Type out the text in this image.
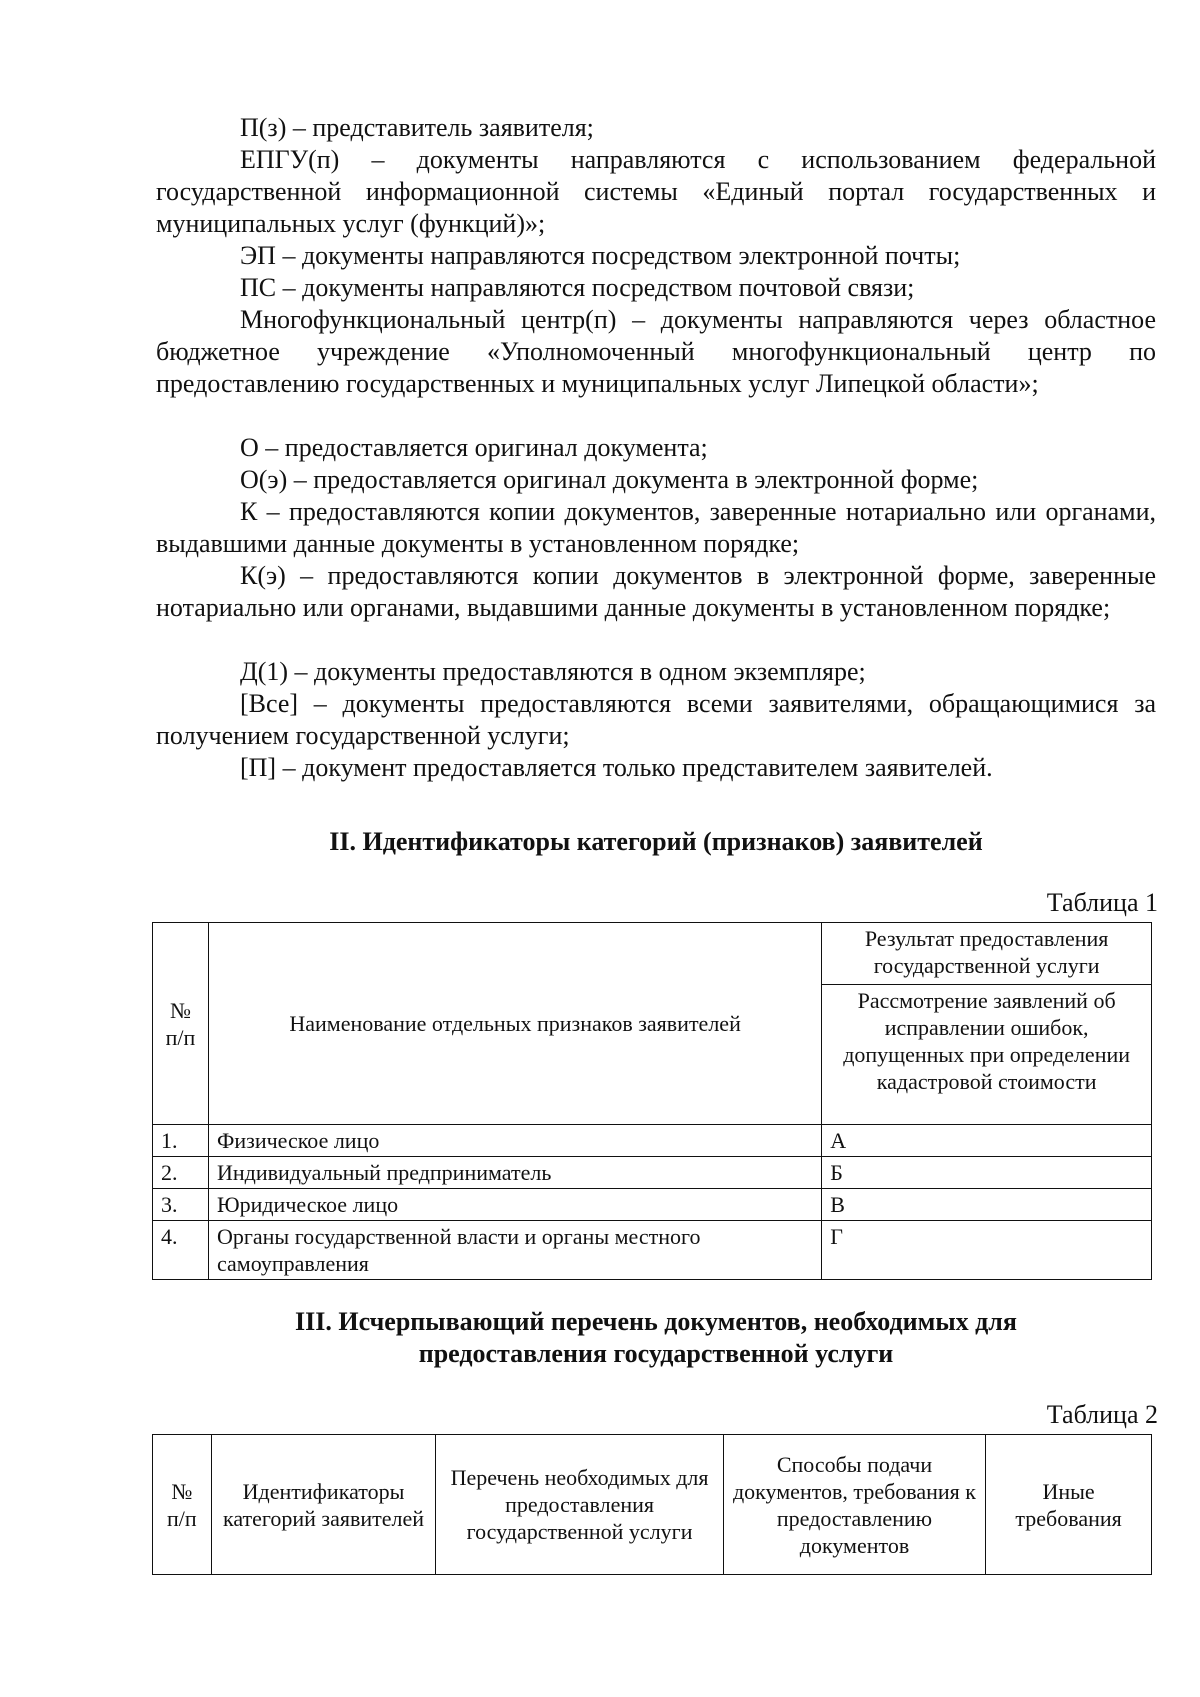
П(з) – представитель заявителя;

ЕПГУ(п) – документы направляются с использованием федеральной государственной информационной системы «Единый портал государственных и муниципальных услуг (функций)»;

ЭП – документы направляются посредством электронной почты;

ПС – документы направляются посредством почтовой связи;

Многофункциональный центр(п) – документы направляются через областное бюджетное учреждение «Уполномоченный многофункциональный центр по предоставлению государственных и муниципальных услуг Липецкой области»;

О – предоставляется оригинал документа;

О(э) – предоставляется оригинал документа в электронной форме;

К – предоставляются копии документов, заверенные нотариально или органами, выдавшими данные документы в установленном порядке;

К(э) – предоставляются копии документов в электронной форме, заверенные нотариально или органами, выдавшими данные документы в установленном порядке;

Д(1) – документы предоставляются в одном экземпляре;

[Все] – документы предоставляются всеми заявителями, обращающимися за получением государственной услуги;

[П] – документ предоставляется только представителем заявителей.

II. Идентификаторы категорий (признаков) заявителей

Таблица 1
№ п/п	Наименование отдельных признаков заявителей	Результат предоставления государственной услуги
		Рассмотрение заявлений об исправлении ошибок, допущенных при определении кадастровой стоимости
1.	Физическое лицо	А
2.	Индивидуальный предприниматель	Б
3.	Юридическое лицо	В
4.	Органы государственной власти и органы местного самоуправления	Г

III. Исчерпывающий перечень документов, необходимых для
предоставления государственной услуги

Таблица 2
№ п/п	Идентификаторы категорий заявителей	Перечень необходимых для предоставления государственной услуги	Способы подачи документов, требования к предоставлению документов	Иные требования
